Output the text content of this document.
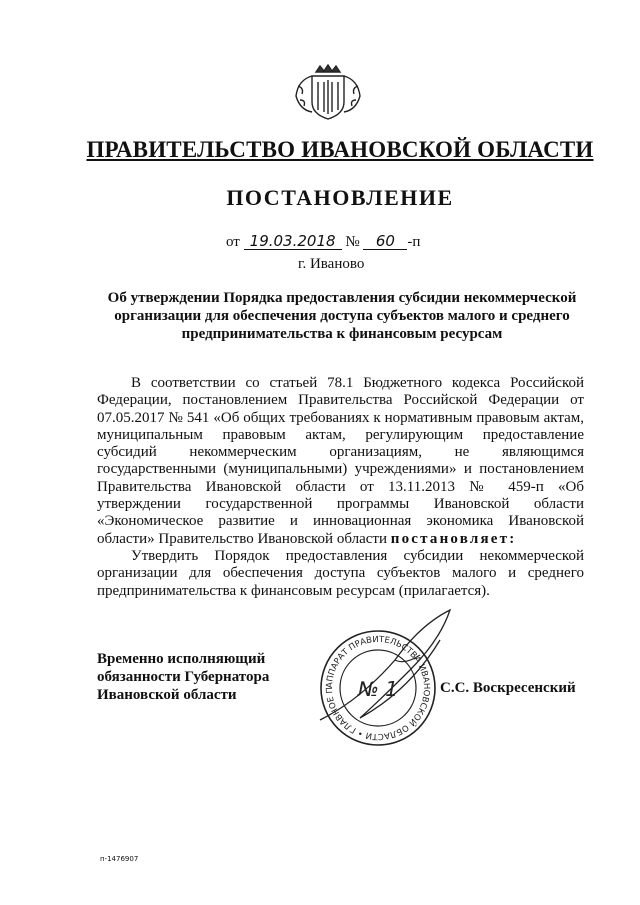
ПРАВИТЕЛЬСТВО ИВАНОВСКОЙ ОБЛАСТИ
ПОСТАНОВЛЕНИЕ
от 19.03.2018 № 60 -п
г. Иваново
Об утверждении Порядка предоставления субсидии некоммерческой организации для обеспечения доступа субъектов малого и среднего предпринимательства к финансовым ресурсам

В соответствии со статьей 78.1 Бюджетного кодекса Российской Федерации, постановлением Правительства Российской Федерации от 07.05.2017 № 541 «Об общих требованиях к нормативным правовым актам, муниципальным правовым актам, регулирующим предоставление субсидий некоммерческим организациям, не являющимся государственными (муниципальными) учреждениями» и постановлением Правительства Ивановской области от 13.11.2013 № 459-п «Об утверждении государственной программы Ивановской области «Экономическое развитие и инновационная экономика Ивановской области» Правительство Ивановской области постановляет:

Утвердить Порядок предоставления субсидии некоммерческой организации для обеспечения доступа субъектов малого и среднего предпринимательства к финансовым ресурсам (прилагается).

Временно исполняющий
обязанности Губернатора
Ивановской области
АППАРАТ ПРАВИТЕЛЬСТВА ИВАНОВСКОЙ ОБЛАСТИ • ГЛАВНОЕ П	№ 1	С.С. Воскресенский
п-1476907
